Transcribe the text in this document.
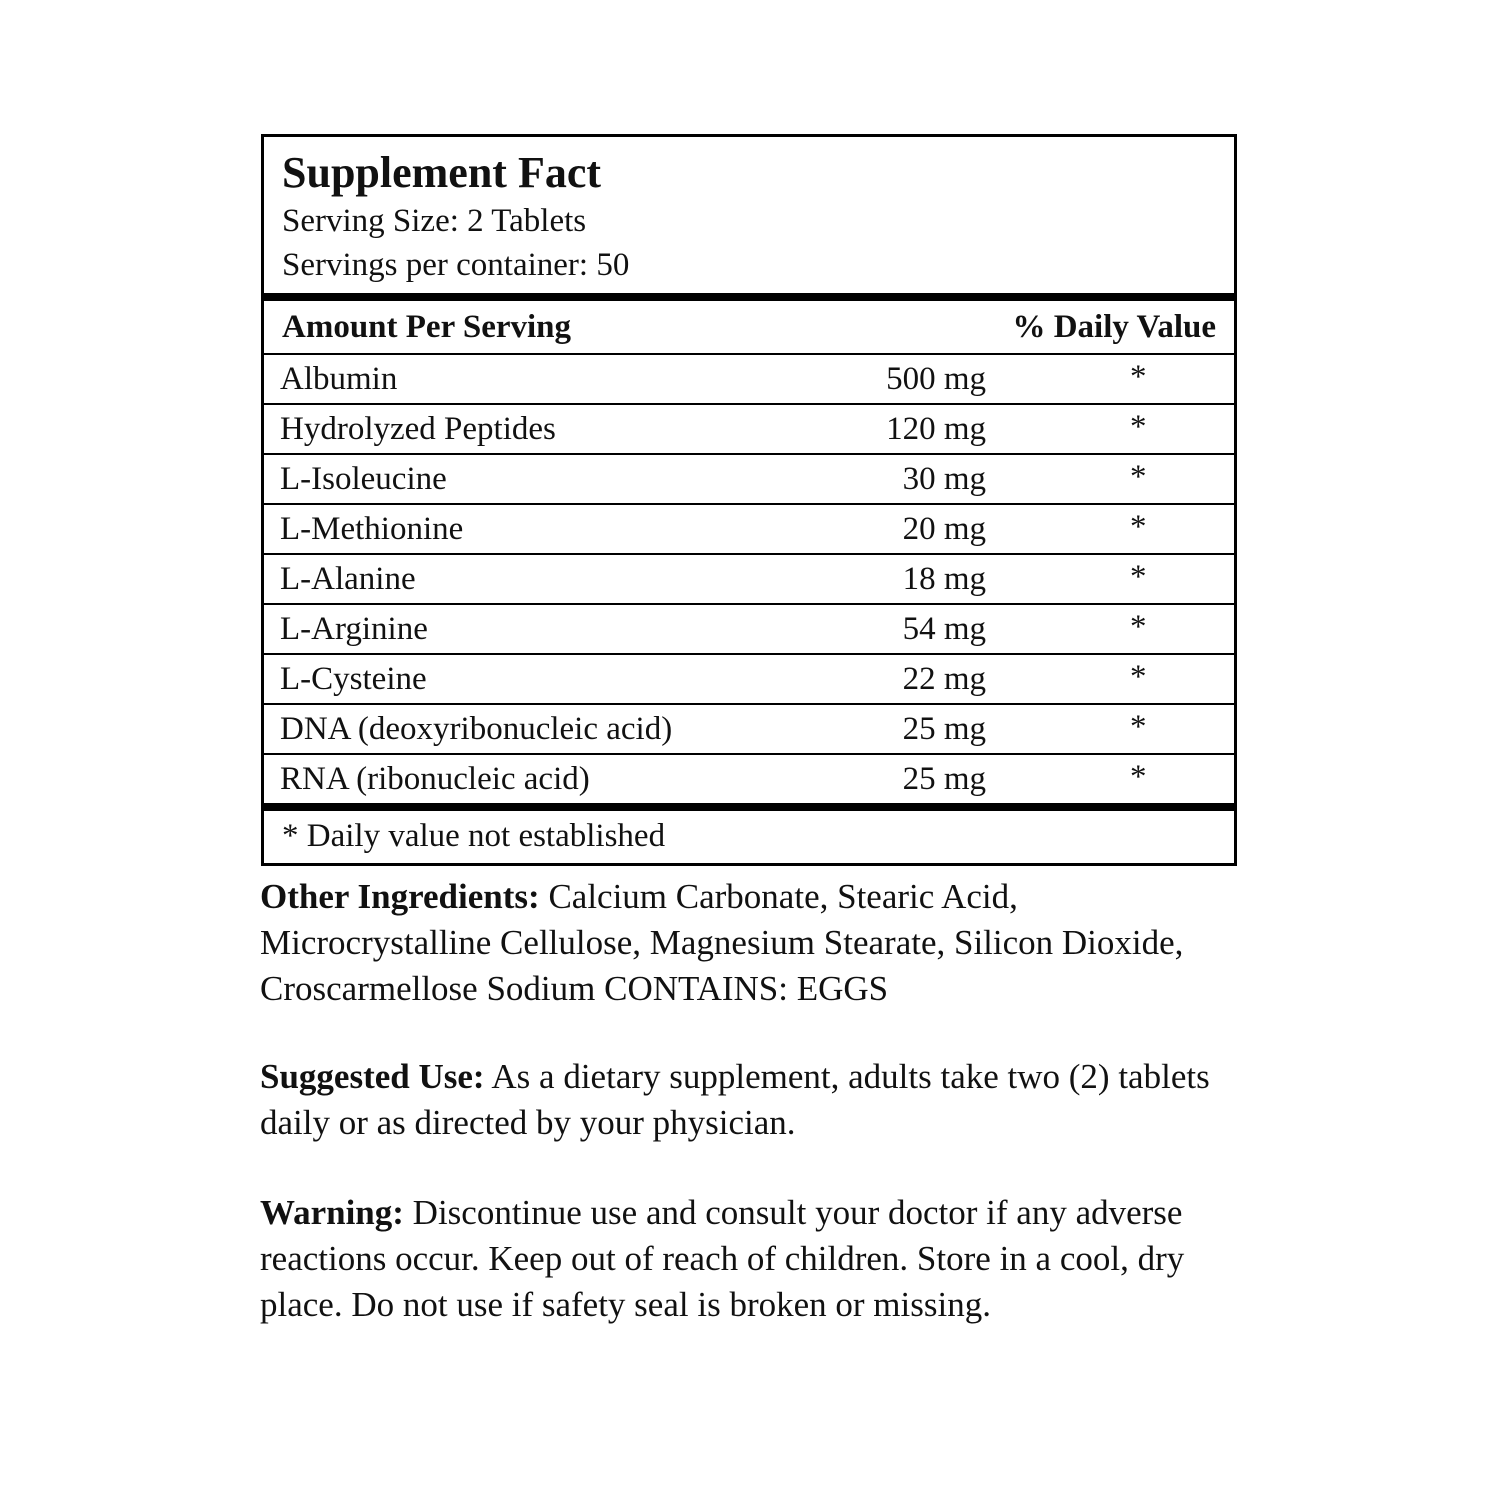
Supplement Fact
Serving Size: 2 Tablets
Servings per container: 50
Amount Per Serving	% Daily Value
Albumin	500 mg	*
Hydrolyzed Peptides	120 mg	*
L-Isoleucine	30 mg	*
L-Methionine	20 mg	*
L-Alanine	18 mg	*
L-Arginine	54 mg	*
L-Cysteine	22 mg	*
DNA (deoxyribonucleic acid)	25 mg	*
RNA (ribonucleic acid)	25 mg	*
* Daily value not established
Other Ingredients: Calcium Carbonate, Stearic Acid, Microcrystalline Cellulose, Magnesium Stearate, Silicon Dioxide, Croscarmellose Sodium CONTAINS: EGGS
Suggested Use: As a dietary supplement, adults take two (2) tablets daily or as directed by your physician.
Warning: Discontinue use and consult your doctor if any adverse reactions occur. Keep out of reach of children. Store in a cool, dry place. Do not use if safety seal is broken or missing.
